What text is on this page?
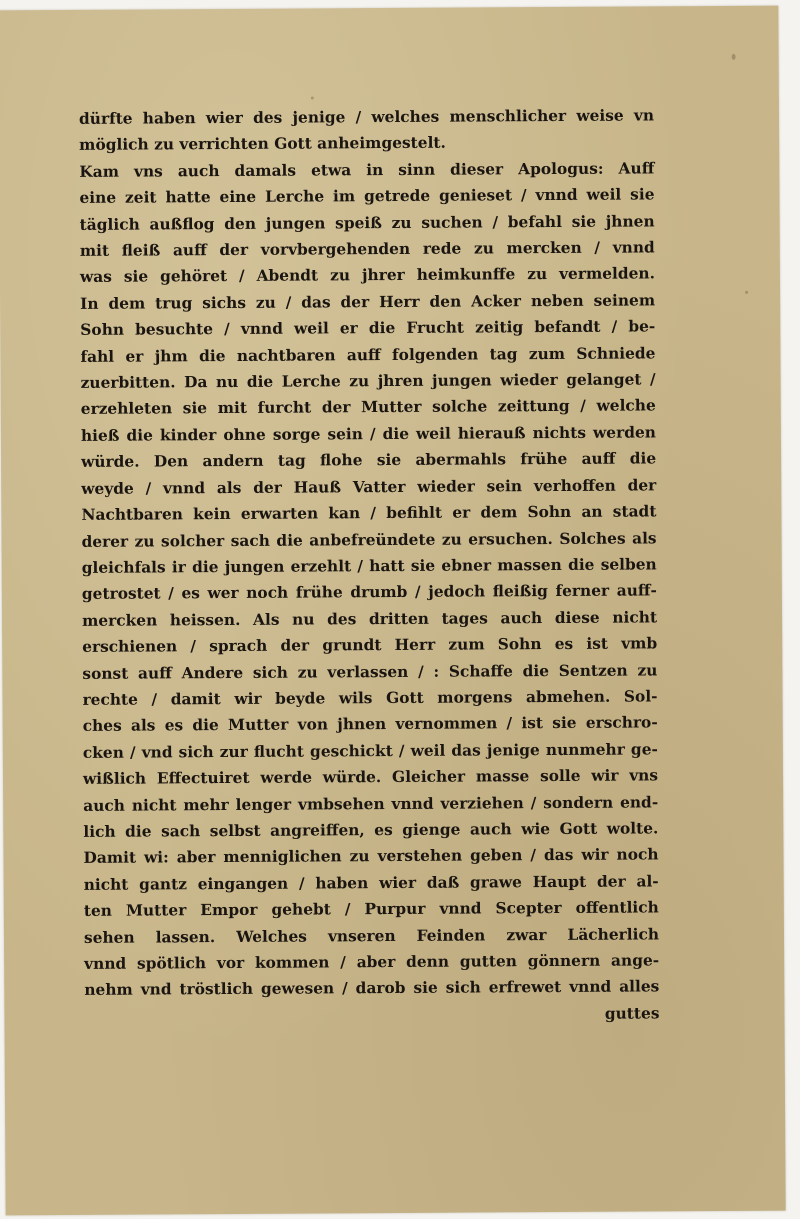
dürfte haben wier des jenige / welches menschlicher weise vn
möglich zu verrichten Gott anheimgestelt.
Kam vns auch damals etwa in sinn dieser Apologus: Auff
eine zeit hatte eine Lerche im getrede genieset / vnnd weil sie
täglich außflog den jungen speiß zu suchen / befahl sie jhnen
mit fleiß auff der vorvbergehenden rede zu mercken / vnnd
was sie gehöret / Abendt zu jhrer heimkunffe zu vermelden.
In dem trug sichs zu / das der Herr den Acker neben seinem
Sohn besuchte / vnnd weil er die Frucht zeitig befandt / be-
fahl er jhm die nachtbaren auff folgenden tag zum Schniede
zuerbitten. Da nu die Lerche zu jhren jungen wieder gelanget /
erzehleten sie mit furcht der Mutter solche zeittung / welche
hieß die kinder ohne sorge sein / die weil hierauß nichts werden
würde. Den andern tag flohe sie abermahls frühe auff die
weyde / vnnd als der Hauß Vatter wieder sein verhoffen der
Nachtbaren kein erwarten kan / befihlt er dem Sohn an stadt
derer zu solcher sach die anbefreündete zu ersuchen. Solches als
gleichfals ir die jungen erzehlt / hatt sie ebner massen die selben
getrostet / es wer noch frühe drumb / jedoch fleißig ferner auff-
mercken heissen. Als nu des dritten tages auch diese nicht
erschienen / sprach der grundt Herr zum Sohn es ist vmb
sonst auff Andere sich zu verlassen / : Schaffe die Sentzen zu
rechte / damit wir beyde wils Gott morgens abmehen. Sol-
ches als es die Mutter von jhnen vernommen / ist sie erschro-
cken / vnd sich zur flucht geschickt / weil das jenige nunmehr ge-
wißlich Effectuiret werde würde. Gleicher masse solle wir vns
auch nicht mehr lenger vmbsehen vnnd verziehen / sondern end-
lich die sach selbst angreiffen, es gienge auch wie Gott wolte.
Damit wi: aber menniglichen zu verstehen geben / das wir noch
nicht gantz eingangen / haben wier daß grawe Haupt der al-
ten Mutter Empor gehebt / Purpur vnnd Scepter offentlich
sehen lassen. Welches vnseren Feinden zwar Lächerlich
vnnd spötlich vor kommen / aber denn gutten gönnern ange-
nehm vnd tröstlich gewesen / darob sie sich erfrewet vnnd alles
guttes
